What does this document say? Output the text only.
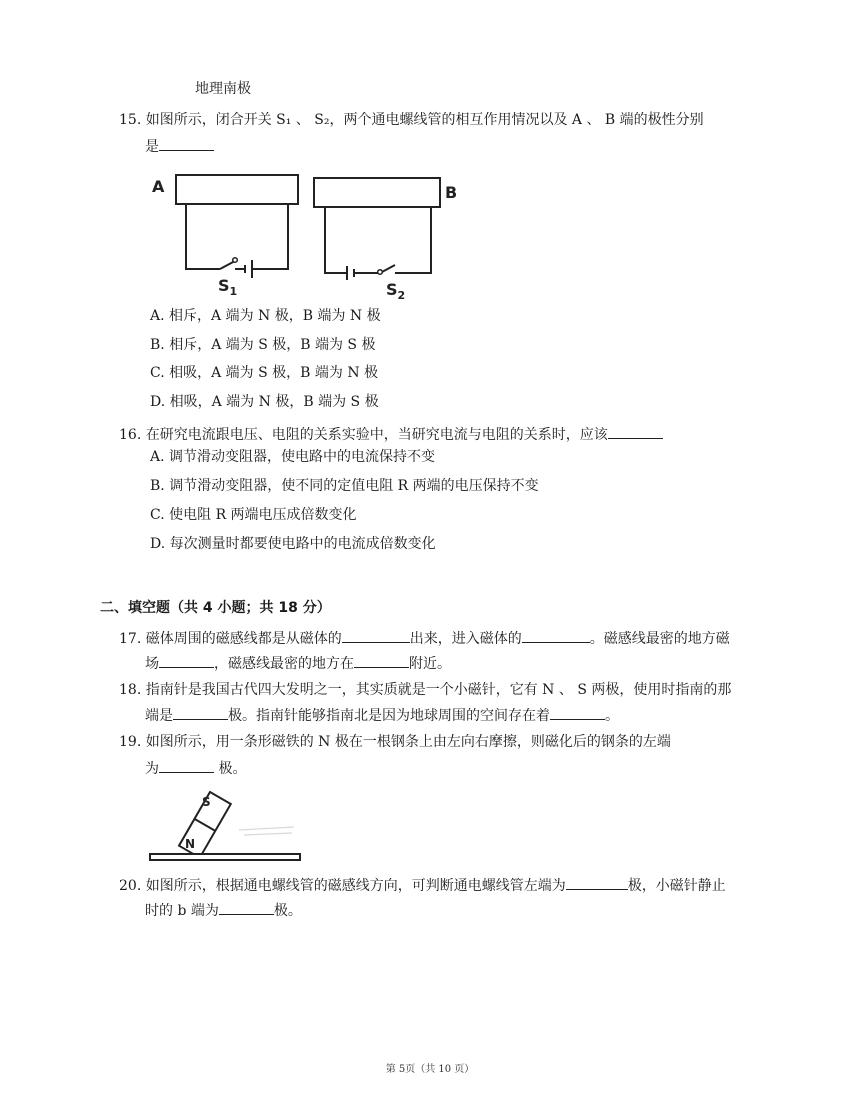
地理南极
15. 如图所示，闭合开关 S₁ 、 S₂，两个通电螺线管的相互作用情况以及 A 、 B 端的极性分别
是
A	B
$S_1$	$S_2$
A. 相斥，A 端为 N 极，B 端为 N 极
B. 相斥，A 端为 S 极，B 端为 S 极
C. 相吸，A 端为 S 极，B 端为 N 极
D. 相吸，A 端为 N 极，B 端为 S 极
16. 在研究电流跟电压、电阻的关系实验中，当研究电流与电阻的关系时，应该
A. 调节滑动变阻器，使电路中的电流保持不变
B. 调节滑动变阻器，使不同的定值电阻 R 两端的电压保持不变
C. 使电阻 R 两端电压成倍数变化
D. 每次测量时都要使电路中的电流成倍数变化
二、填空题（共 4 小题；共 18 分）
17. 磁体周围的磁感线都是从磁体的	出来，进入磁体的	。磁感线最密的地方磁
场	，磁感线最密的地方在	附近。
18. 指南针是我国古代四大发明之一，其实质就是一个小磁针，它有 N 、 S 两极，使用时指南的那
端是	极。指南针能够指南北是因为地球周围的空间存在着	。
19. 如图所示，用一条形磁铁的 N 极在一根钢条上由左向右摩擦，则磁化后的钢条的左端
为	极。
S
N
20. 如图所示，根据通电螺线管的磁感线方向，可判断通电螺线管左端为	极，小磁针静止
时的 b 端为	极。
第 5页（共 10 页）
